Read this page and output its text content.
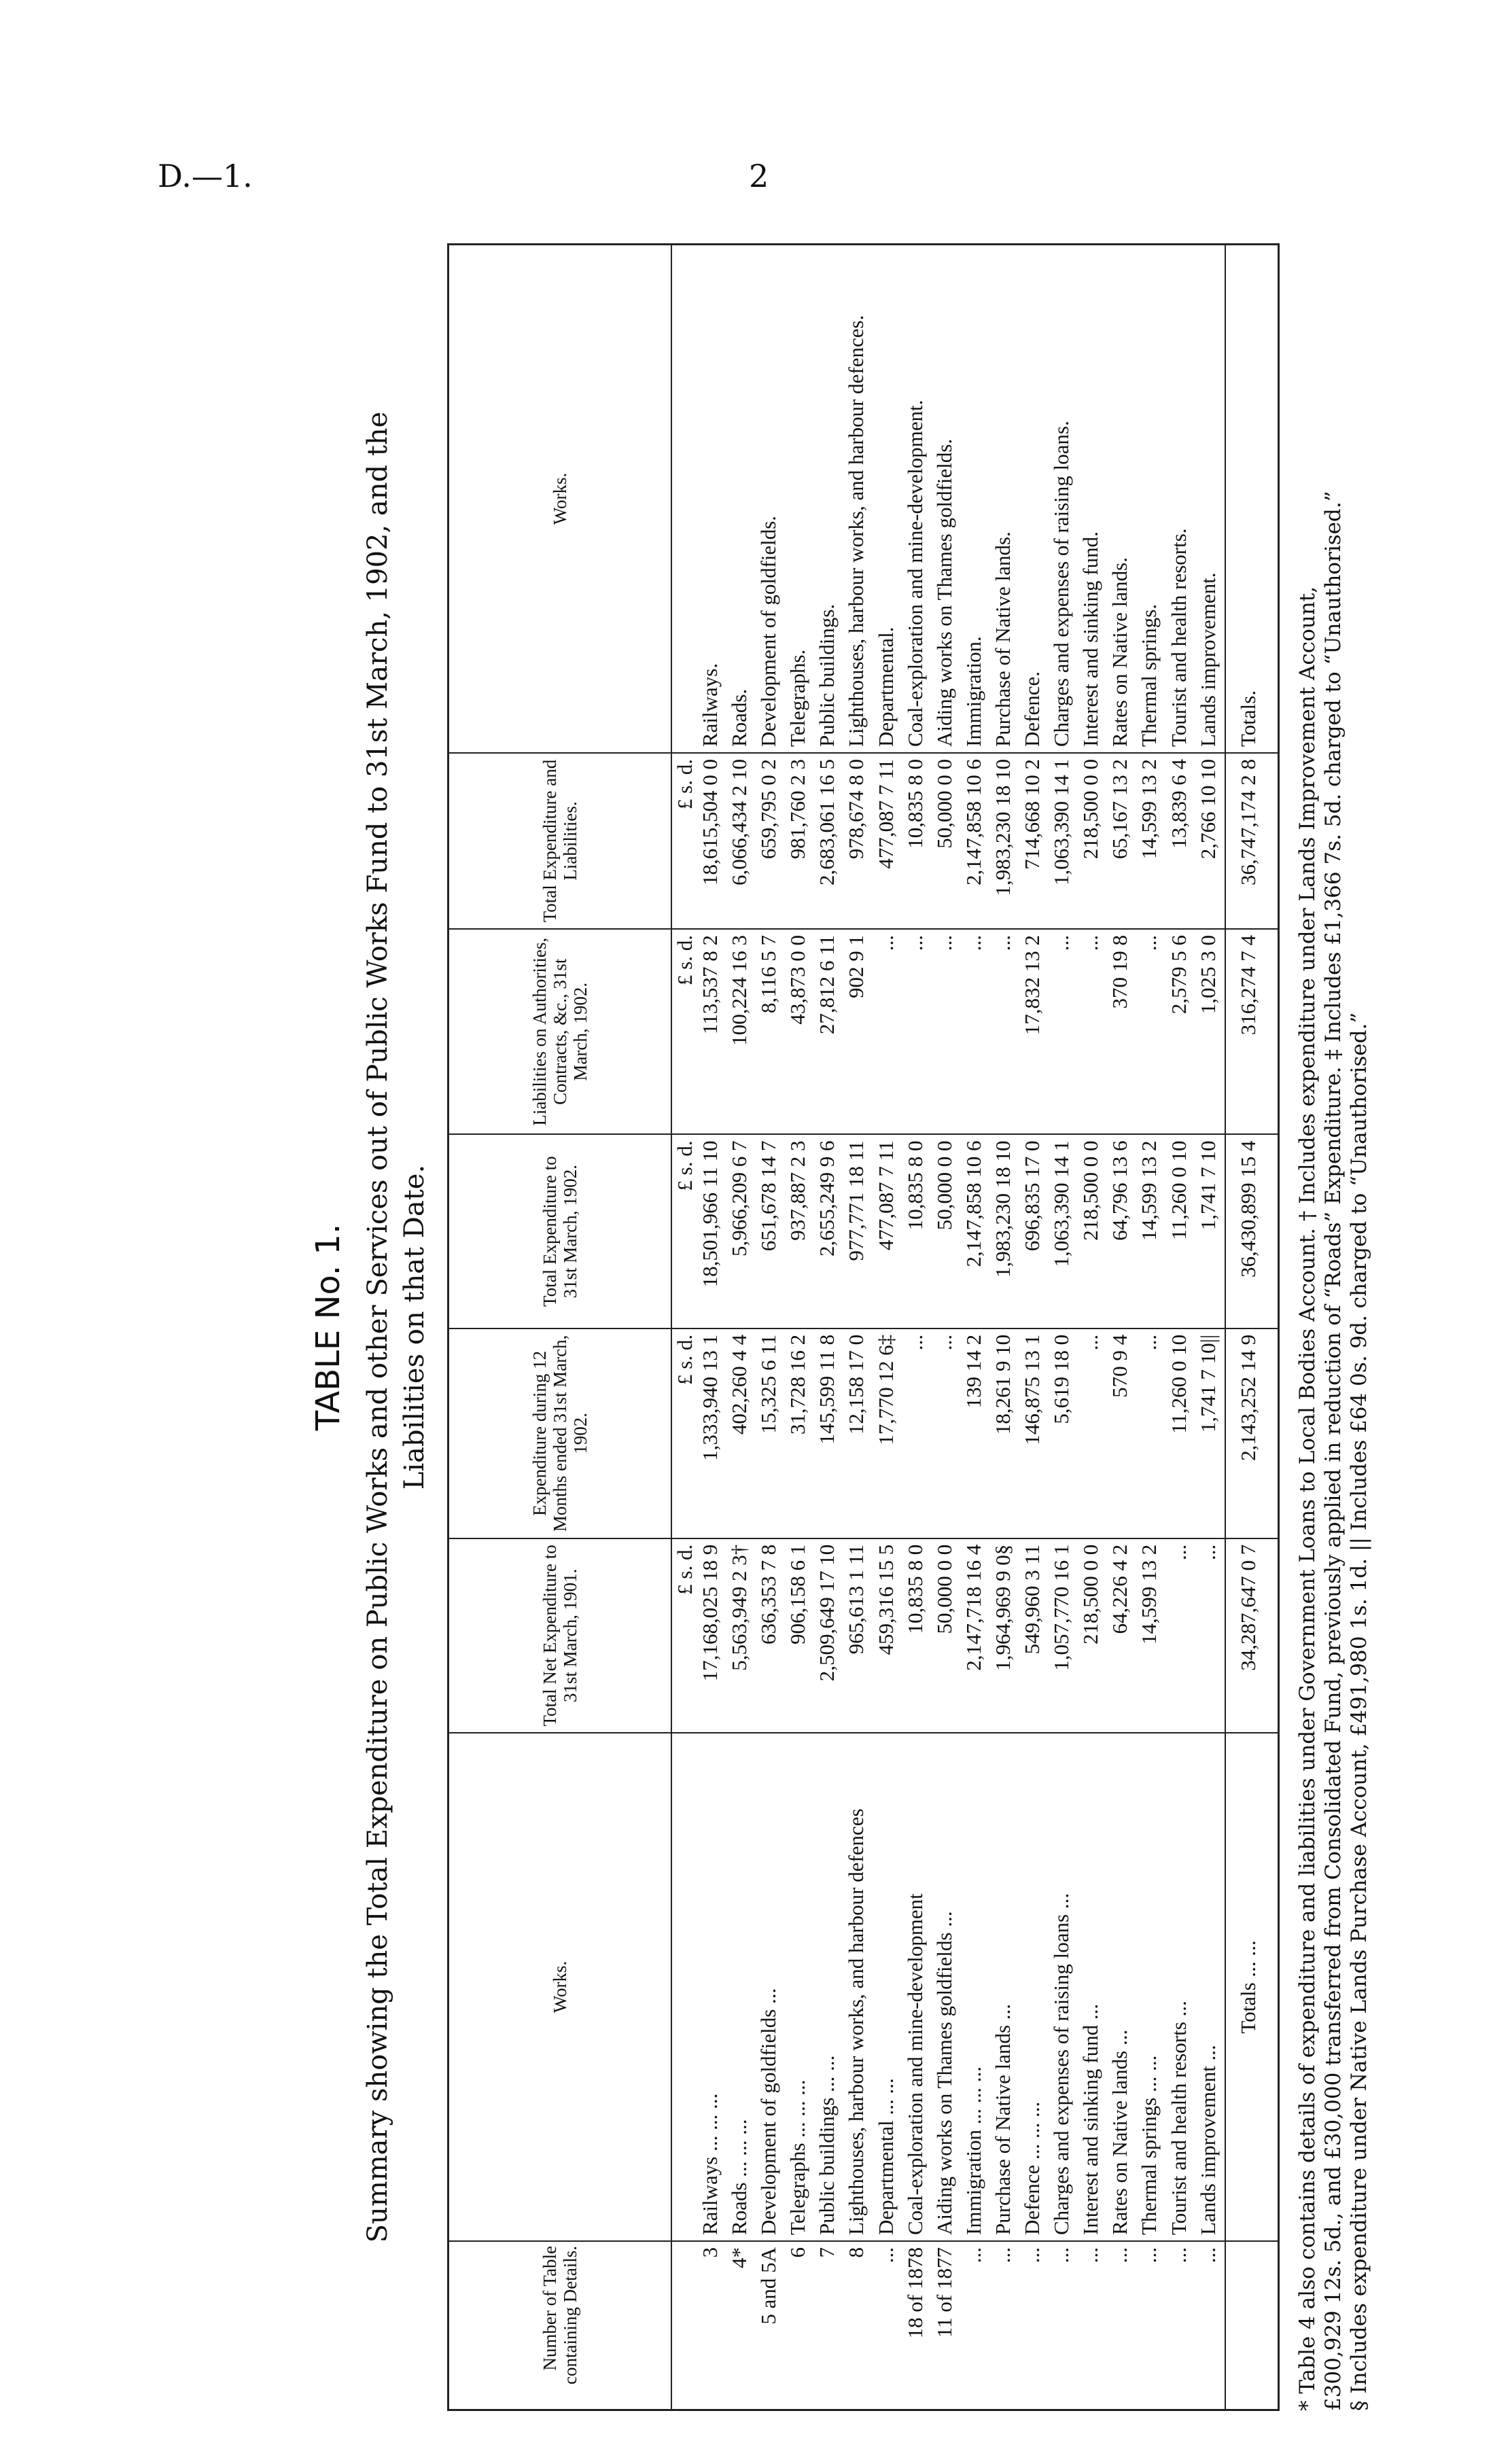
D.—1.	2
TABLE No. 1. Summary showing the Total Expenditure on Public Works and other Services out of Public Works Fund to 31st March, 1902, and the Liabilities on that Date.
Number of Table containing Details.	Works.	Total Net Expenditure to 31st March, 1901.	Expenditure during 12 Months ended 31st March, 1902.	Total Expenditure to 31st March, 1902.	Liabilities on Authorities, Contracts, &c., 31st March, 1902.	Total Expenditure and Liabilities.	Works.
		£ s. d.	£ s. d.	£ s. d.	£ s. d.	£ s. d.	
3	Railways ... ... ...	17,168,025 18 9	1,333,940 13 1	18,501,966 11 10	113,537 8 2	18,615,504 0 0	Railways.
4*	Roads ... ... ...	5,563,949 2 3†	402,260 4 4	5,966,209 6 7	100,224 16 3	6,066,434 2 10	Roads.
5 and 5A	Development of goldfields ...	636,353 7 8	15,325 6 11	651,678 14 7	8,116 5 7	659,795 0 2	Development of goldfields.
6	Telegraphs ... ... ...	906,158 6 1	31,728 16 2	937,887 2 3	43,873 0 0	981,760 2 3	Telegraphs.
7	Public buildings ... ...	2,509,649 17 10	145,599 11 8	2,655,249 9 6	27,812 6 11	2,683,061 16 5	Public buildings.
8	Lighthouses, harbour works, and harbour defences	965,613 1 11	12,158 17 0	977,771 18 11	902 9 1	978,674 8 0	Lighthouses, harbour works, and harbour defences.
...	Departmental ... ...	459,316 15 5	17,770 12 6‡	477,087 7 11	...	477,087 7 11	Departmental.
18 of 1878	Coal-exploration and mine-development	10,835 8 0	...	10,835 8 0	...	10,835 8 0	Coal-exploration and mine-development.
11 of 1877	Aiding works on Thames goldfields ...	50,000 0 0	...	50,000 0 0	...	50,000 0 0	Aiding works on Thames goldfields.
...	Immigration ... ... ...	2,147,718 16 4	139 14 2	2,147,858 10 6	...	2,147,858 10 6	Immigration.
...	Purchase of Native lands ...	1,964,969 9 0§	18,261 9 10	1,983,230 18 10	...	1,983,230 18 10	Purchase of Native lands.
...	Defence ... ... ...	549,960 3 11	146,875 13 1	696,835 17 0	17,832 13 2	714,668 10 2	Defence.
...	Charges and expenses of raising loans ...	1,057,770 16 1	5,619 18 0	1,063,390 14 1	...	1,063,390 14 1	Charges and expenses of raising loans.
...	Interest and sinking fund ...	218,500 0 0	...	218,500 0 0	...	218,500 0 0	Interest and sinking fund.
...	Rates on Native lands ...	64,226 4 2	570 9 4	64,796 13 6	370 19 8	65,167 13 2	Rates on Native lands.
...	Thermal springs ... ...	14,599 13 2	...	14,599 13 2	...	14,599 13 2	Thermal springs.
...	Tourist and health resorts ...	...	11,260 0 10	11,260 0 10	2,579 5 6	13,839 6 4	Tourist and health resorts.
...	Lands improvement ...	...	1,741 7 10||	1,741 7 10	1,025 3 0	2,766 10 10	Lands improvement.
	Totals ... ...	34,287,647 0 7	2,143,252 14 9	36,430,899 15 4	316,274 7 4	36,747,174 2 8	Totals. * Table 4 also contains details of expenditure and liabilities under Government Loans to Local Bodies Account. † Includes expenditure under Lands Improvement Account, £300,929 12s. 5d., and £30,000 transferred from Consolidated Fund, previously applied in reduction of “Roads” Expenditure. ‡ Includes £1,366 7s. 5d. charged to “Unauthorised.” § Includes expenditure under Native Lands Purchase Account, £491,980 1s. 1d. || Includes £64 0s. 9d. charged to “Unauthorised.”
